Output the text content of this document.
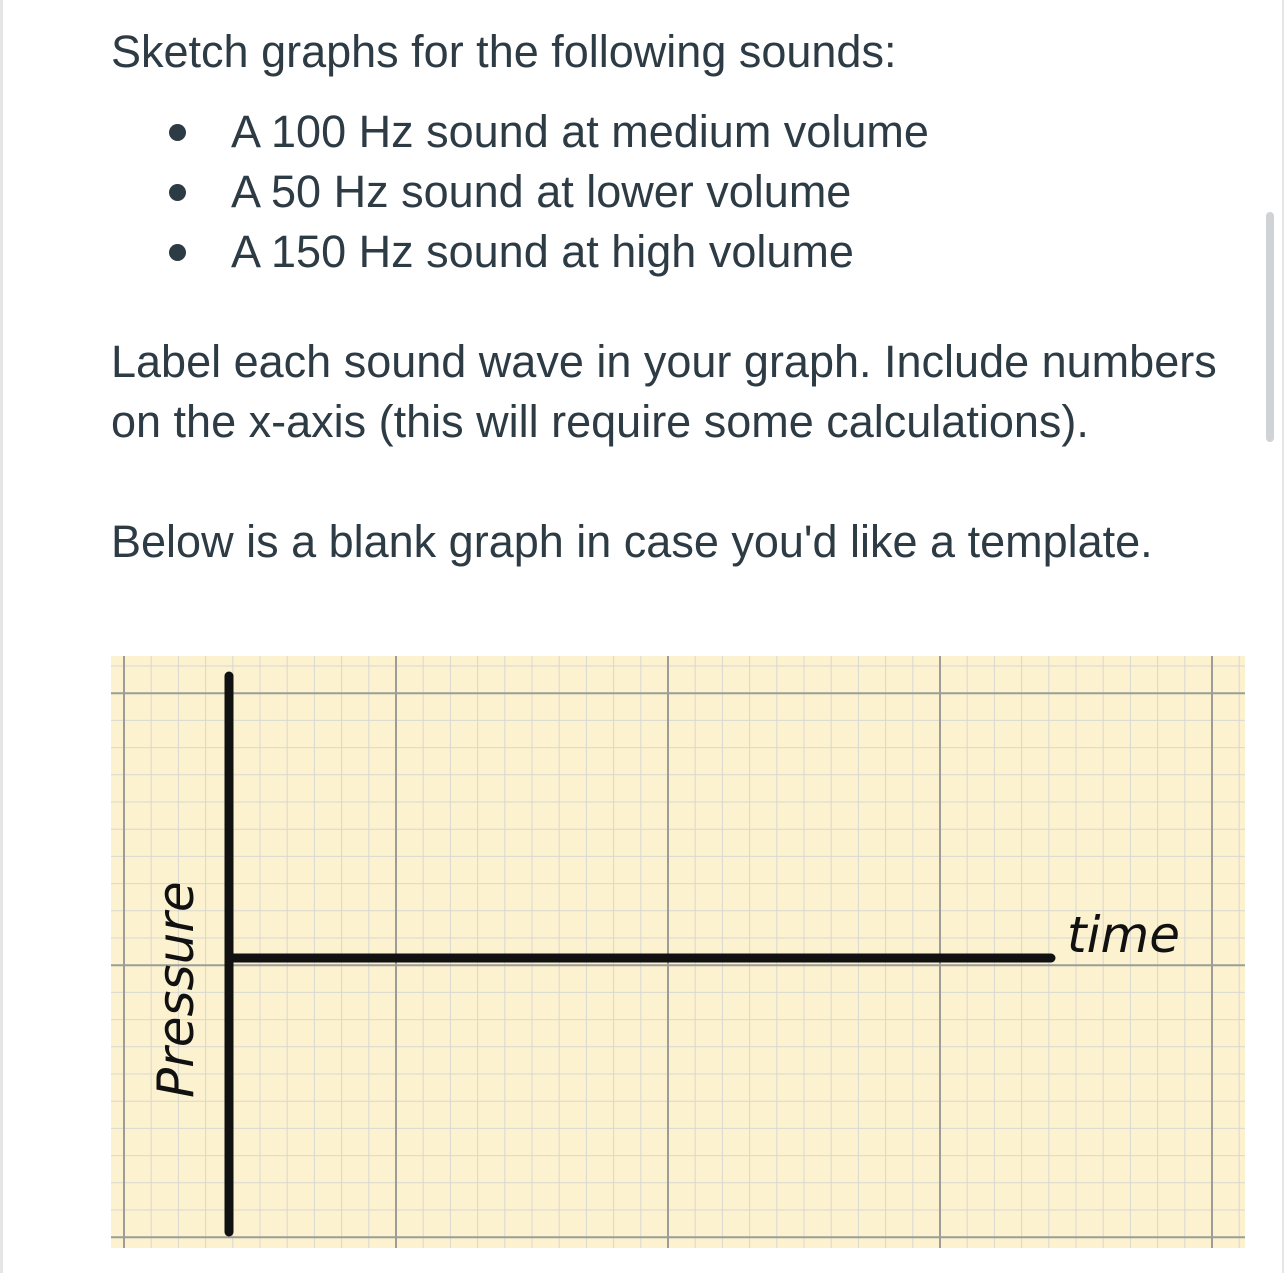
Sketch graphs for the following sounds:
A 100 Hz sound at medium volume
A 50 Hz sound at lower volume
A 150 Hz sound at high volume

Label each sound wave in your graph. Include numbers on the x-axis (this will require some calculations).

Below is a blank graph in case you'd like a template.

Pressure	time
